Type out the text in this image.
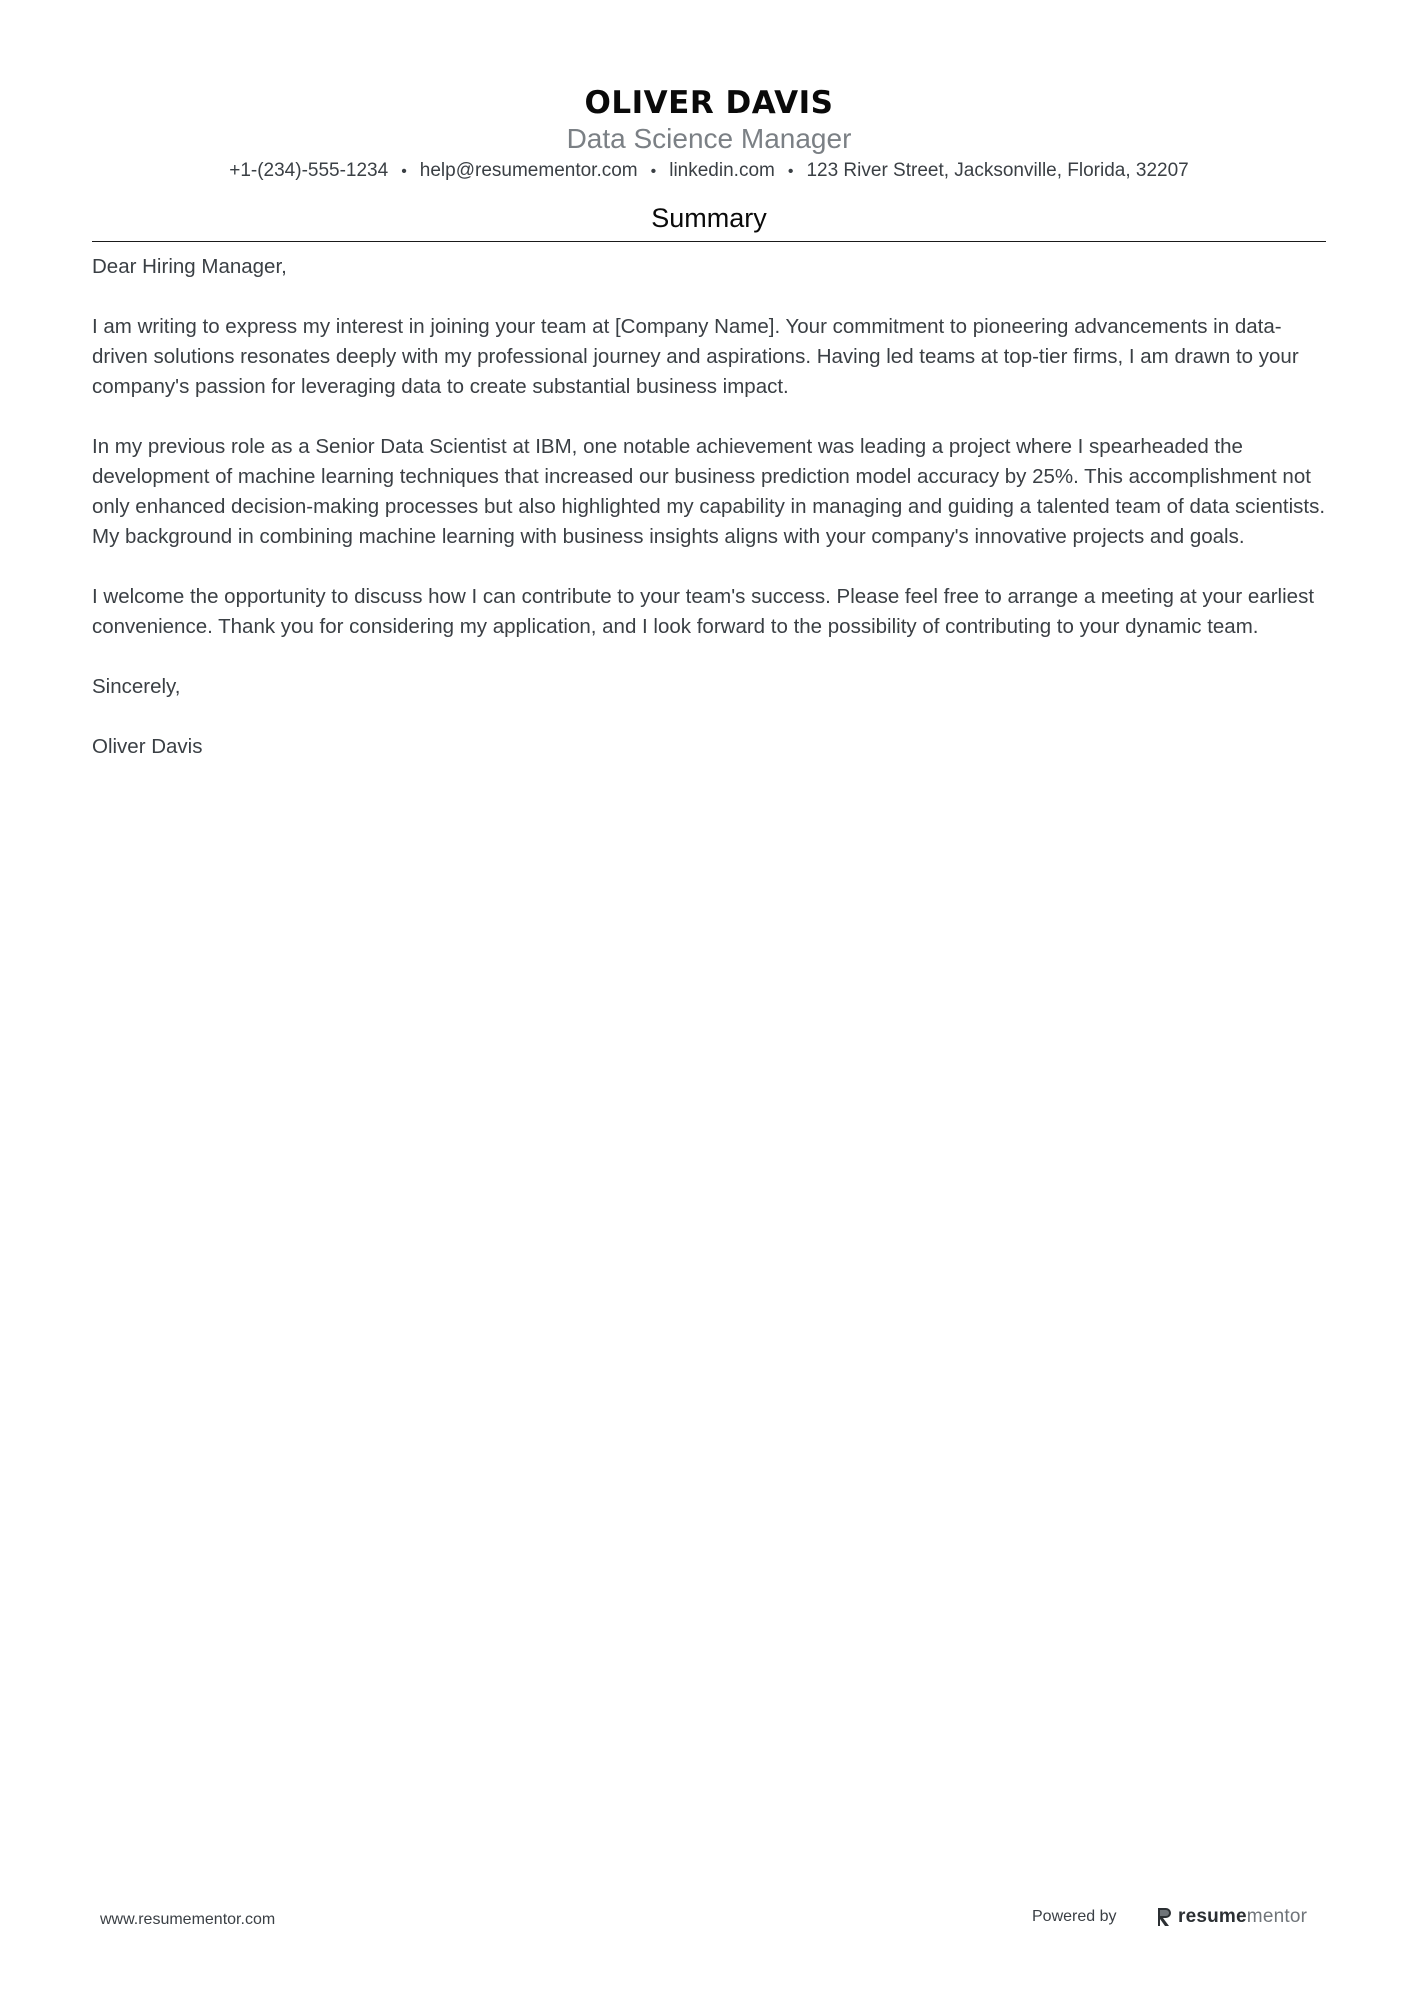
OLIVER DAVIS
Data Science Manager
+1-(234)-555-1234 • help@resumementor.com • linkedin.com • 123 River Street, Jacksonville, Florida, 32207
Summary

Dear Hiring Manager,

I am writing to express my interest in joining your team at [Company Name]. Your commitment to pioneering advancements in data-driven solutions resonates deeply with my professional journey and aspirations. Having led teams at top-tier firms, I am drawn to your company's passion for leveraging data to create substantial business impact.

In my previous role as a Senior Data Scientist at IBM, one notable achievement was leading a project where I spearheaded the development of machine learning techniques that increased our business prediction model accuracy by 25%. This accomplishment not only enhanced decision-making processes but also highlighted my capability in managing and guiding a talented team of data scientists. My background in combining machine learning with business insights aligns with your company's innovative projects and goals.

I welcome the opportunity to discuss how I can contribute to your team's success. Please feel free to arrange a meeting at your earliest convenience. Thank you for considering my application, and I look forward to the possibility of contributing to your dynamic team.

Sincerely,

Oliver Davis

www.resumementor.com	Powered by	resumementor
